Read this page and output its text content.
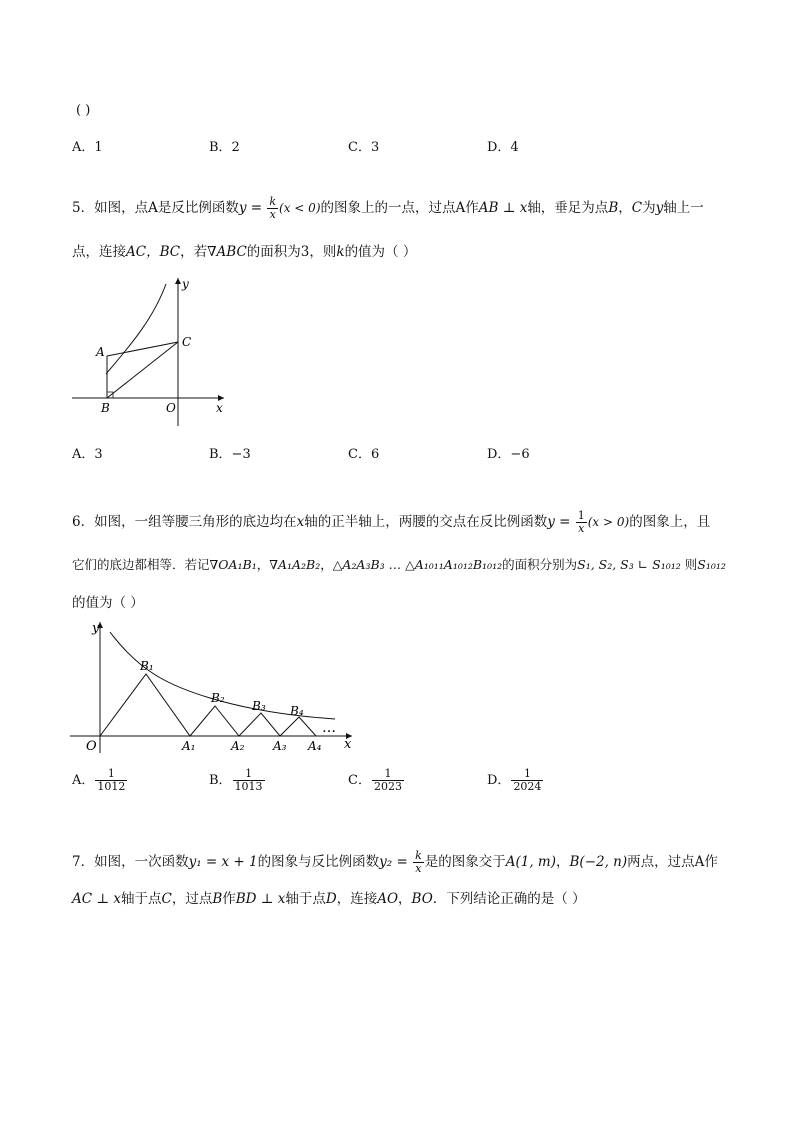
( )
A．1	B．2	C．3	D．4
5．如图，点A是反比例函数$y = \frac{k}{x} (x < 0)$的图象上的一点，过点A作AB ⊥ x轴，垂足为点B，C为y轴上一
点，连接AC，BC，若∇ABC的面积为3，则k的值为（ ）
y
x
A
C
B	O
A．3	B．−3	C．6	D．−6
6．如图，一组等腰三角形的底边均在x轴的正半轴上，两腰的交点在反比例函数$y = \frac{1}{x} (x > 0)$的图象上，且
它们的底边都相等．若记∇OA₁B₁，∇A₁A₂B₂，△A₂A₃B₃ … △A₁₀₁₁A₁₀₁₂B₁₀₁₂的面积分别为S₁, S₂, S₃ ∟ S₁₀₁₂ 则S₁₀₁₂
的值为（ ）
y
x
O
B₁
B₂
B₃ B₄
A₁	A₂ A₃ A₄
…
A． $\frac{1}{1012}$	B． $\frac{1}{1013}$	C． $\frac{1}{2023}$	D． $\frac{1}{2024}$
7．如图，一次函数y₁ = x + 1的图象与反比例函数$y_2 = \frac{k}{x}$ 是的图象交于A(1, m)，B(−2, n)两点，过点A作
AC ⊥ x轴于点C，过点B作BD ⊥ x轴于点D，连接AO，BO．下列结论正确的是（ ）
